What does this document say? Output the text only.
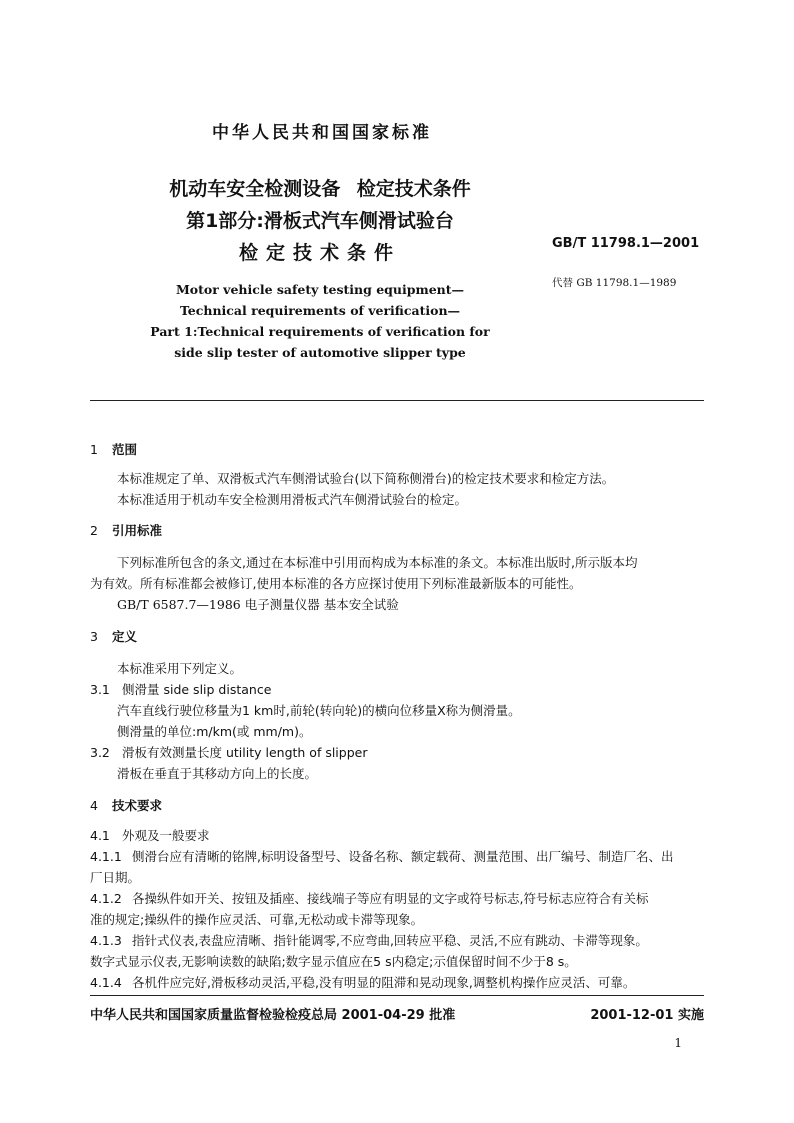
中华人民共和国国家标准
机动车安全检测设备 检定技术条件
第1部分:滑板式汽车侧滑试验台
检定技术条件	GB/T 11798.1—2001
代替 GB 11798.1—1989
Motor vehicle safety testing equipment—
Technical requirements of verification—
Part 1:Technical requirements of verification for
side slip tester of automotive slipper type
1 范围
本标准规定了单、双滑板式汽车侧滑试验台(以下简称侧滑台)的检定技术要求和检定方法。
本标准适用于机动车安全检测用滑板式汽车侧滑试验台的检定。
2 引用标准
下列标准所包含的条文,通过在本标准中引用而构成为本标准的条文。本标准出版时,所示版本均
为有效。所有标准都会被修订,使用本标准的各方应探讨使用下列标准最新版本的可能性。
GB/T 6587.7—1986 电子测量仪器 基本安全试验
3 定义
本标准采用下列定义。
3.1 侧滑量 side slip distance
汽车直线行驶位移量为1 km时,前轮(转向轮)的横向位移量X称为侧滑量。
侧滑量的单位:m/km(或 mm/m)。
3.2 滑板有效测量长度 utility length of slipper
滑板在垂直于其移动方向上的长度。
4 技术要求
4.1 外观及一般要求
4.1.1 侧滑台应有清晰的铭牌,标明设备型号、设备名称、额定载荷、测量范围、出厂编号、制造厂名、出
厂日期。
4.1.2 各操纵件如开关、按钮及插座、接线端子等应有明显的文字或符号标志,符号标志应符合有关标
准的规定;操纵件的操作应灵活、可靠,无松动或卡滞等现象。
4.1.3 指针式仪表,表盘应清晰、指针能调零,不应弯曲,回转应平稳、灵活,不应有跳动、卡滞等现象。
数字式显示仪表,无影响读数的缺陷;数字显示值应在5 s内稳定;示值保留时间不少于8 s。
4.1.4 各机件应完好,滑板移动灵活,平稳,没有明显的阻滞和晃动现象,调整机构操作应灵活、可靠。
中华人民共和国国家质量监督检验检疫总局 2001-04-29 批准	2001-12-01 实施
1
